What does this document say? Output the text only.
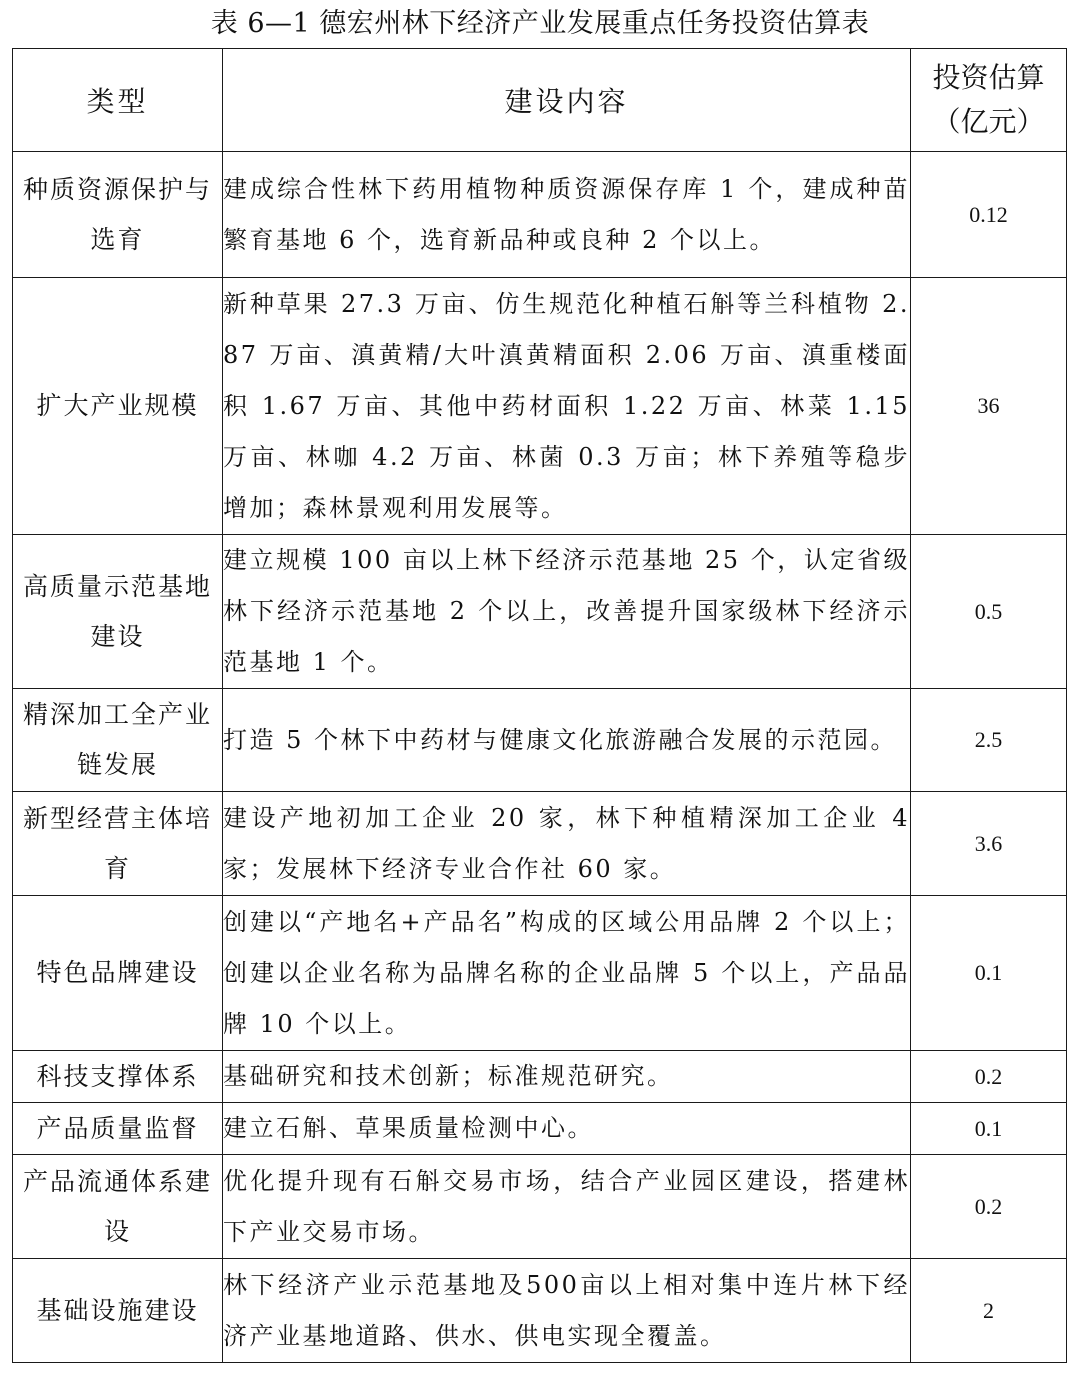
表 6—1 德宏州林下经济产业发展重点任务投资估算表
类型	建设内容	投资估算
（亿元）

种质资源保护与选育	建成综合性林下药用植物种质资源保存库 1 个，建成种苗繁育基地 6 个，选育新品种或良种 2 个以上。	0.12
扩大产业规模	新种草果 27.3 万亩、仿生规范化种植石斛等兰科植物 2.87 万亩、滇黄精/大叶滇黄精面积 2.06 万亩、滇重楼面积 1.67 万亩、其他中药材面积 1.22 万亩、林菜 1.15 万亩、林咖 4.2 万亩、林菌 0.3 万亩；林下养殖等稳步增加；森林景观利用发展等。	36
高质量示范基地建设	建立规模 100 亩以上林下经济示范基地 25 个，认定省级林下经济示范基地 2 个以上，改善提升国家级林下经济示范基地 1 个。	0.5
精深加工全产业链发展	打造 5 个林下中药材与健康文化旅游融合发展的示范园。	2.5
新型经营主体培育	建设产地初加工企业 20 家，林下种植精深加工企业 4 家；发展林下经济专业合作社 60 家。	3.6
特色品牌建设	创建以“产地名+产品名”构成的区域公用品牌 2 个以上；创建以企业名称为品牌名称的企业品牌 5 个以上，产品品牌 10 个以上。	0.1
科技支撑体系	基础研究和技术创新；标准规范研究。	0.2
产品质量监督	建立石斛、草果质量检测中心。	0.1
产品流通体系建设	优化提升现有石斛交易市场，结合产业园区建设，搭建林下产业交易市场。	0.2
基础设施建设	林下经济产业示范基地及500亩以上相对集中连片林下经济产业基地道路、供水、供电实现全覆盖。	2
